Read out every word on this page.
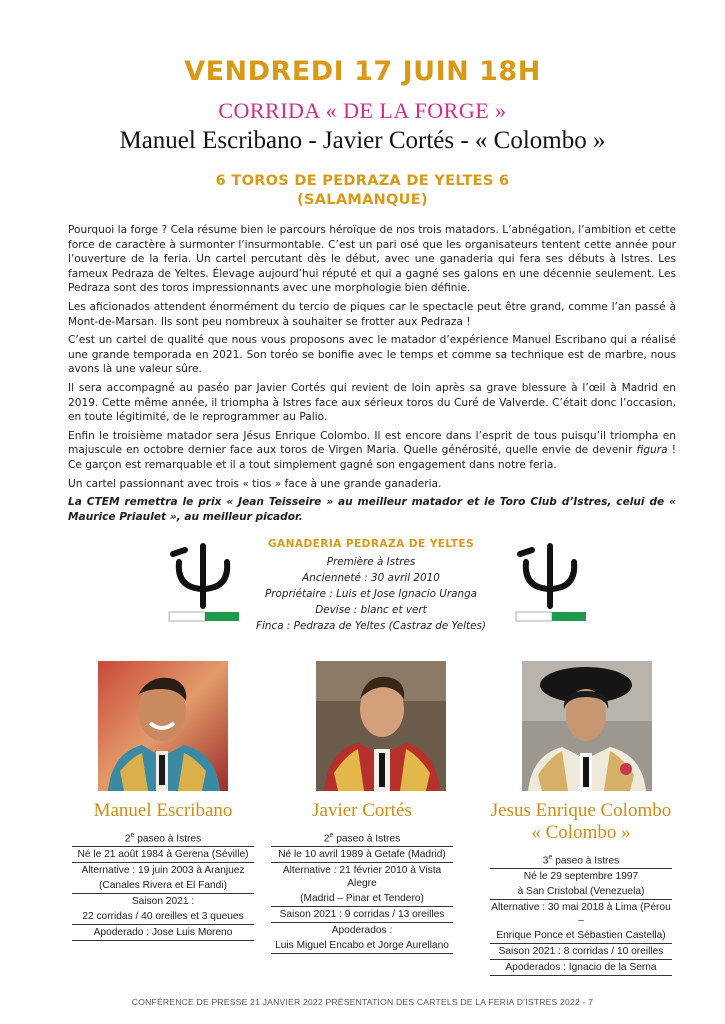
VENDREDI 17 JUIN 18H
CORRIDA « DE LA FORGE »
Manuel Escribano - Javier Cortés - « Colombo »
6 TOROS DE PEDRAZA DE YELTES 6
(SALAMANQUE)

Pourquoi la forge ? Cela résume bien le parcours héroïque de nos trois matadors. L’abnégation, l’ambition et cette force de caractère à surmonter l’insurmontable. C’est un pari osé que les organisateurs tentent cette année pour l’ouverture de la feria. Un cartel percutant dès le début, avec une ganaderia qui fera ses débuts à Istres. Les fameux Pedraza de Yeltes. Élevage aujourd’hui réputé et qui a gagné ses galons en une décennie seulement. Les Pedraza sont des toros impressionnants avec une morphologie bien définie.

Les aficionados attendent énormément du tercio de piques car le spectacle peut être grand, comme l’an passé à Mont-de-Marsan. Ils sont peu nombreux à souhaiter se frotter aux Pedraza !

C’est un cartel de qualité que nous vous proposons avec le matador d’expérience Manuel Escribano qui a réalisé une grande temporada en 2021. Son toréo se bonifie avec le temps et comme sa technique est de marbre, nous avons là une valeur sûre.

Il sera accompagné au paséo par Javier Cortés qui revient de loin après sa grave blessure à l’œil à Madrid en 2019. Cette même année, il triompha à Istres face aux sérieux toros du Curé de Valverde. C’était donc l’occasion, en toute légitimité, de le reprogrammer au Palio.

Enfin le troisième matador sera Jésus Enrique Colombo. Il est encore dans l’esprit de tous puisqu’il triompha en majuscule en octobre dernier face aux toros de Virgen Maria. Quelle générosité, quelle envie de devenir figura ! Ce garçon est remarquable et il a tout simplement gagné son engagement dans notre feria.

Un cartel passionnant avec trois « tios » face à une grande ganaderia.

La CTEM remettra le prix « Jean Teisseire » au meilleur matador et le Toro Club d’Istres, celui de « Maurice Priaulet », au meilleur picador.

GANADERIA PEDRAZA DE YELTES
Première à Istres
Ancienneté : 30 avril 2010
Propriétaire : Luis et Jose Ignacio Uranga
Devise : blanc et vert
Finca : Pedraza de Yeltes (Castraz de Yeltes)
Manuel Escribano
2e paseo à Istres
Né le 21 août 1984 à Gerena (Séville)
Alternative : 19 juin 2003 à Aranjuez
(Canales Rivera et El Fandi)
Saison 2021 :
22 corridas / 40 oreilles et 3 queues
Apoderado : Jose Luis Moreno
Javier Cortés
2e paseo à Istres
Né le 10 avril 1989 à Getafe (Madrid)
Alternative : 21 février 2010 à Vista Alegre
(Madrid – Pinar et Tendero)
Saison 2021 : 9 corridas / 13 oreilles
Apoderados :
Luis Miguel Encabo et Jorge Aurellano
Jesus Enrique Colombo
« Colombo »
3e paseo à Istres
Né le 29 septembre 1997
à San Cristobal (Venezuela)
Alternative : 30 mai 2018 à Lima (Pérou –
Enrique Ponce et Sébastien Castella)
Saison 2021 : 8 corridas / 10 oreilles
Apoderados : Ignacio de la Serna
CONFÉRENCE DE PRESSE 21 JANVIER 2022 PRÉSENTATION DES CARTELS DE LA FERIA D’ISTRES 2022 - 7
